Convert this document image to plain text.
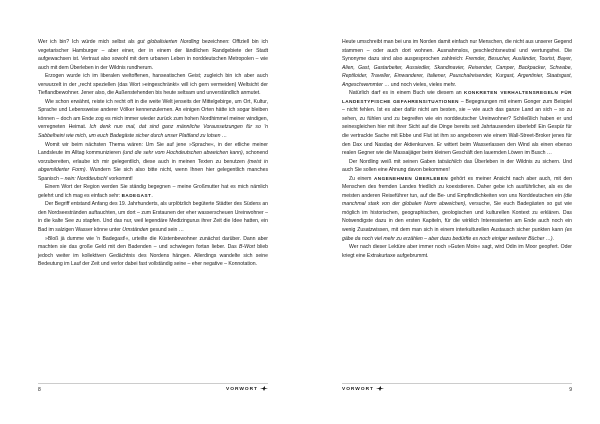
Wer ich bin? Ich würde mich selbst als gut globalisierten Nordling bezeichnen: Offiziell bin ich vegetarischer Hamburger – aber einer, der in einem der ländlichen Randgebiete der Stadt aufgewachsen ist. Vertraut also sowohl mit dem urbanen Leben in norddeutschen Metropolen – wie auch mit dem Überleben in der Wildnis rundherum.

Erzogen wurde ich im liberalen weltoffenen, hanseatischen Geist; zugleich bin ich aber auch verwurzelt in der „recht speziellen (das Wort »eingeschränkt« will ich gern vermeiden) Weltsicht der Tieflandbewohner. Jener also, die Außenstehenden bis heute seltsam und unverständlich anmutet.

Wie schon erwähnt, reiste ich recht oft in die weite Welt jenseits der Mittelgebirge, um Ort, Kultur, Sprache und Lebensweise anderer Völker kennenzulernen. An einigen Orten hätte ich sogar bleiben können – doch am Ende zog es mich immer wieder zurück zum hohen Nordhimmel meiner windigen, verregneten Heimat. Ich denk nun mal, dat sind ganz männliche Voraussetzungen für so 'n Sabbelheini wie mich, um euch Badegäste sicher durch unser Plattland zu lotsen …

Womit wir beim nächsten Thema wären: Um Sie auf jene »Sprache«, in der etliche meiner Landsleute im Alltag kommunizieren (und die sehr vom Hochdeutschen abweichen kann), schonend vorzubereiten, erlaube ich mir gelegentlich, diese auch in meinen Texten zu benutzen (meist in abgemilderter Form). Wundern Sie sich also bitte nicht, wenn Ihnen hier gelegentlich manches Spanisch – nein: Norddeutsch! vorkommt!

Einem Wort der Region werden Sie ständig begegnen – meine Großmutter hat es mich nämlich gelehrt und ich mag es einfach sehr: BADEGAST.

Der Begriff entstand Anfang des 19. Jahrhunderts, als urplötzlich begüterte Städter des Südens an den Nordseestränden auftauchten, um dort – zum Erstaunen der eher wasserscheuen Ureinwohner – in die kalte See zu stapfen. Und das nur, weil legendäre Medizingurus ihrer Zeit die Idee hatten, ein Bad im salzigen Wasser könne unter Umständen gesund sein …

»Bloß jä dumme wie 'n Badegast!«, urteilte die Küstenbewohner zunächst darüber. Dann aber machten sie das große Geld mit den Badenden – und schwiegen fortan lieber. Das B-Wort blieb jedoch weiter im kollektiven Gedächtnis des Nordens hängen. Allerdings wandelte sich seine Bedeutung im Lauf der Zeit und verlor dabei fast vollständig seine – eher negative – Konnotation.

Heute umschreibt man bei uns im Norden damit einfach nur Menschen, die nicht aus unserer Gegend stammen – oder auch dort wohnen. Ausnahmslos, geschlechtsneutral und wertungsfrei. Die Synonyme dazu sind also ausgesprochen zahlreich: Fremder, Besucher, Ausländer, Tourist, Bayer, Alien, Gast, Gastarbeiter, Aussiedler, Skandinavier, Reisender, Camper, Backpacker, Schwabe, Reptiloider, Traveller, Einwanderer, Italiener, Pauschalreisender, Kurgast, Argentinier, Staatsgast, Angeschwemmter … und noch vieles, vieles mehr.

Natürlich darf es in einem Buch wie diesem an KONKRETEN VERHALTENSREGELN FÜR LANDESTYPISCHE GEFAHRENSITUATIONEN – Begegnungen mit einem Gonger zum Beispiel – nicht fehlen. Ist es aber dafür nicht am besten, sie – wie auch das ganze Land an sich – so zu sehen, zu fühlen und zu begreifen wie ein norddeutscher Ureinwohner? Schließlich haben er und seinesgleichen hier mit ihrer Sicht auf die Dinge bereits seit Jahrtausenden überlebt! Ein Gespür für die vertrackte Sache mit Ebbe und Flut ist ihm so angeboren wie einem Wall-Street-Broker jenes für den Dax und Nasdaq der Aktienkurven. Er wittert beim Wasserlassen den Wind als einen ebenso realen Gegner wie die Massaijäger beim kleinen Geschäft den lauernden Löwen im Busch …

Der Nordling weiß mit seinen Gaben tatsächlich das Überleben in der Wildnis zu sichern. Und auch Sie sollen eine Ahnung davon bekommen!

Zu einem ANGENEHMEN ÜBERLEBEN gehört es meiner Ansicht nach aber auch, mit den Menschen des fremden Landes friedlich zu koexistieren. Daher gebe ich ausführlicher, als es die meisten anderen Reiseführer tun, auf die Be- und Empfindlichkeiten von uns Norddeutschen ein (die manchmal stark von der globalen Norm abweichen), versuche, Sie euch Badegästen so gut wie möglich im historischen, geographischen, geologischen und kulturellen Kontext zu erklären. Das Notwendigste dazu in den ersten Kapiteln, für die wirklich Interessierten am Ende auch noch ein wenig Zusatzwissen, mit dem man sich in einem interkulturellen Austausch sicher punkten kann (es gäbe da noch viel mehr zu erzählen – aber dazu bedürfte es noch einiger weiterer Bücher …).

Wer nach dieser Lektüre aber immer noch »Guten Moin« sagt, wird Odin im Moor geopfert. Oder kriegt eine Extrakurtaxe aufgebrummt.

8	VORWORT	VORWORT	9
